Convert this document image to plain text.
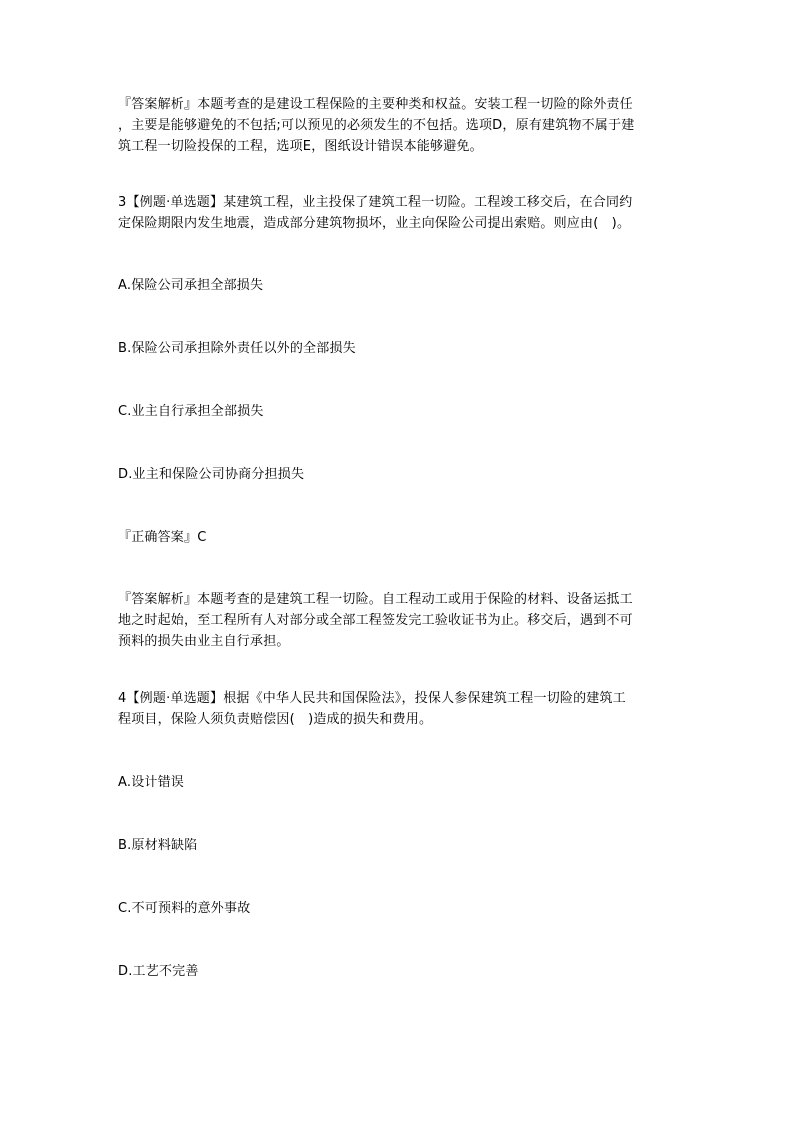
『答案解析』本题考查的是建设工程保险的主要种类和权益。安装工程一切险的除外责任
，主要是能够避免的不包括;可以预见的必须发生的不包括。选项D，原有建筑物不属于建
筑工程一切险投保的工程，选项E，图纸设计错误本能够避免。
3【例题·单选题】某建筑工程，业主投保了建筑工程一切险。工程竣工移交后，在合同约
定保险期限内发生地震，造成部分建筑物损坏，业主向保险公司提出索赔。则应由(　)。
A.保险公司承担全部损失
B.保险公司承担除外责任以外的全部损失
C.业主自行承担全部损失
D.业主和保险公司协商分担损失
『正确答案』C
『答案解析』本题考查的是建筑工程一切险。自工程动工或用于保险的材料、设备运抵工
地之时起始，至工程所有人对部分或全部工程签发完工验收证书为止。移交后，遇到不可
预料的损失由业主自行承担。
4【例题·单选题】根据《中华人民共和国保险法》，投保人参保建筑工程一切险的建筑工
程项目，保险人须负责赔偿因(　)造成的损失和费用。
A.设计错误
B.原材料缺陷
C.不可预料的意外事故
D.工艺不完善
